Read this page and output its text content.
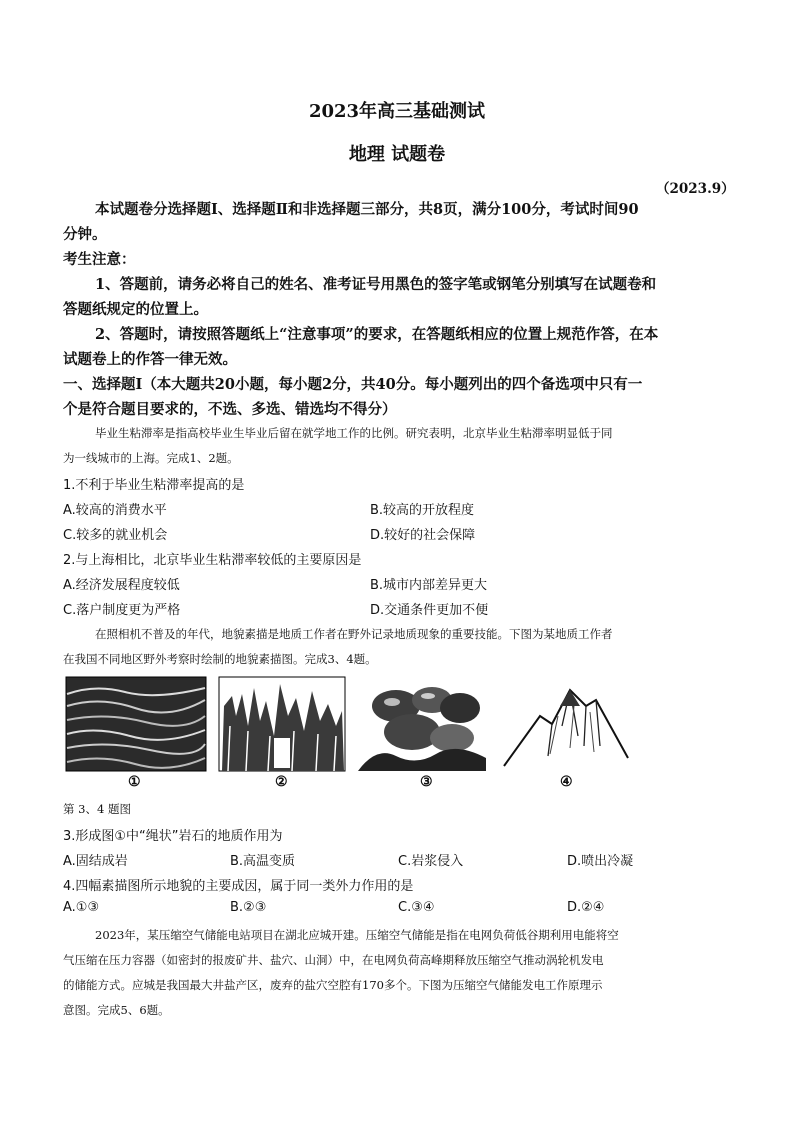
2023年高三基础测试
地理 试题卷
（2023.9）
本试题卷分选择题Ⅰ、选择题Ⅱ和非选择题三部分，共8页，满分100分，考试时间90
分钟。
考生注意：
1、答题前，请务必将自己的姓名、准考证号用黑色的签字笔或钢笔分别填写在试题卷和
答题纸规定的位置上。
2、答题时，请按照答题纸上“注意事项”的要求，在答题纸相应的位置上规范作答，在本
试题卷上的作答一律无效。
一、选择题Ⅰ（本大题共20小题，每小题2分，共40分。每小题列出的四个备选项中只有一
个是符合题目要求的，不选、多选、错选均不得分）
毕业生粘滞率是指高校毕业生毕业后留在就学地工作的比例。研究表明，北京毕业生粘滞率明显低于同
为一线城市的上海。完成1、2题。
1.不利于毕业生粘滞率提高的是
A.较高的消费水平	B.较高的开放程度
C.较多的就业机会	D.较好的社会保障
2.与上海相比，北京毕业生粘滞率较低的主要原因是
A.经济发展程度较低	B.城市内部差异更大
C.落户制度更为严格	D.交通条件更加不便
在照相机不普及的年代，地貌素描是地质工作者在野外记录地质现象的重要技能。下图为某地质工作者
在我国不同地区野外考察时绘制的地貌素描图。完成3、4题。
①	②	③	④
第 3、4 题图
3.形成图①中“绳状”岩石的地质作用为
A.固结成岩	B.高温变质	C.岩浆侵入	D.喷出冷凝
4.四幅素描图所示地貌的主要成因，属于同一类外力作用的是
A.①③	B.②③	C.③④	D.②④
2023年，某压缩空气储能电站项目在湖北应城开建。压缩空气储能是指在电网负荷低谷期利用电能将空
气压缩在压力容器（如密封的报废矿井、盐穴、山洞）中，在电网负荷高峰期释放压缩空气推动涡轮机发电
的储能方式。应城是我国最大井盐产区，废弃的盐穴空腔有170多个。下图为压缩空气储能发电工作原理示
意图。完成5、6题。
